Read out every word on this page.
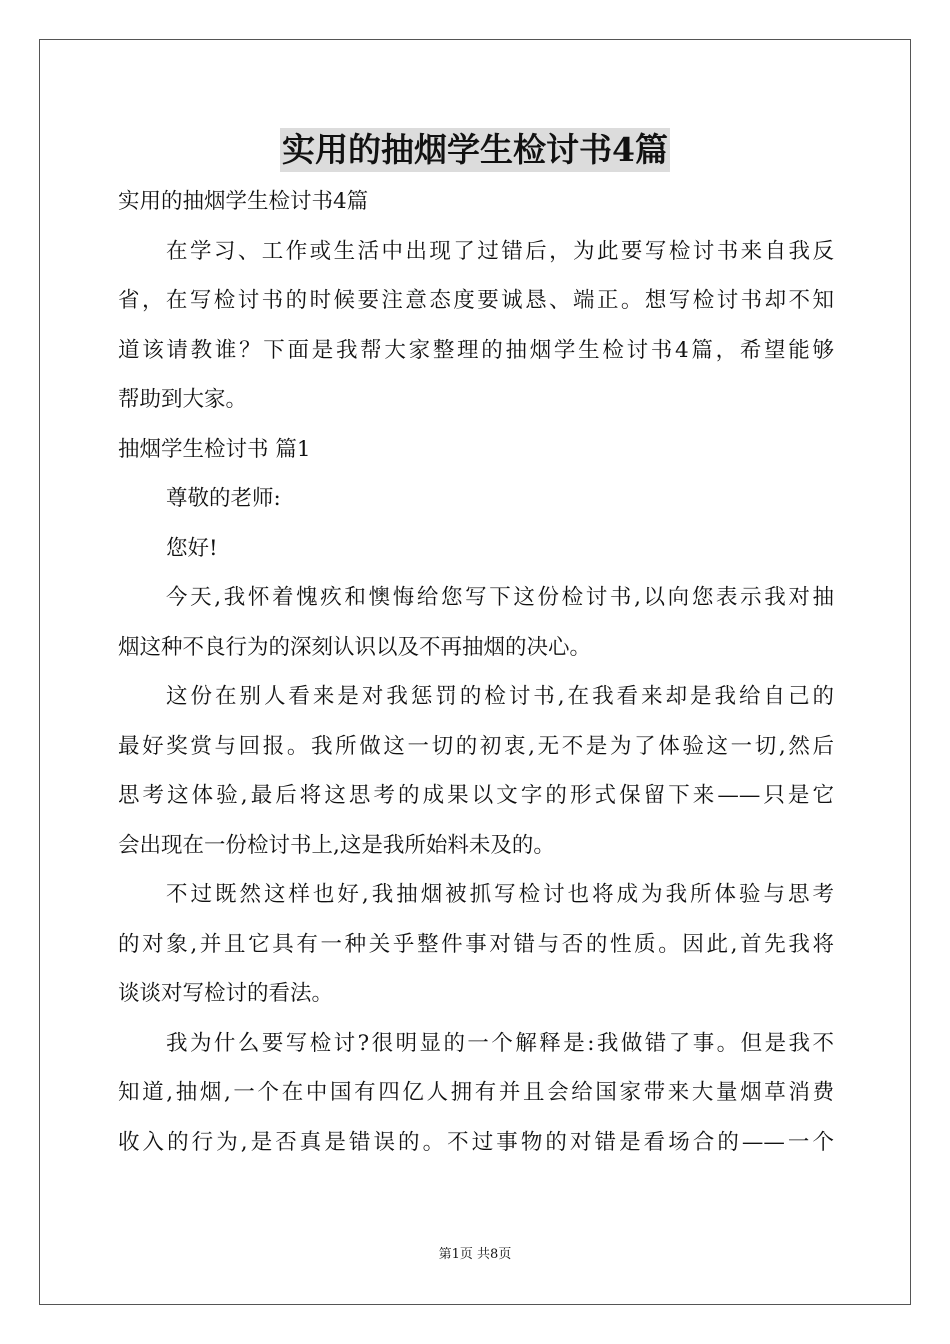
实用的抽烟学生检讨书4篇
实用的抽烟学生检讨书4篇
在学习、工作或生活中出现了过错后，为此要写检讨书来自我反
省，在写检讨书的时候要注意态度要诚恳、端正。想写检讨书却不知
道该请教谁？下面是我帮大家整理的抽烟学生检讨书4篇，希望能够
帮助到大家。
抽烟学生检讨书 篇1
尊敬的老师:
您好!
今天,我怀着愧疚和懊悔给您写下这份检讨书,以向您表示我对抽
烟这种不良行为的深刻认识以及不再抽烟的决心。
这份在别人看来是对我惩罚的检讨书,在我看来却是我给自己的
最好奖赏与回报。我所做这一切的初衷,无不是为了体验这一切,然后
思考这体验,最后将这思考的成果以文字的形式保留下来——只是它
会出现在一份检讨书上,这是我所始料未及的。
不过既然这样也好,我抽烟被抓写检讨也将成为我所体验与思考
的对象,并且它具有一种关乎整件事对错与否的性质。因此,首先我将
谈谈对写检讨的看法。
我为什么要写检讨?很明显的一个解释是:我做错了事。但是我不
知道,抽烟,一个在中国有四亿人拥有并且会给国家带来大量烟草消费
收入的行为,是否真是错误的。不过事物的对错是看场合的——一个
第1页 共8页
